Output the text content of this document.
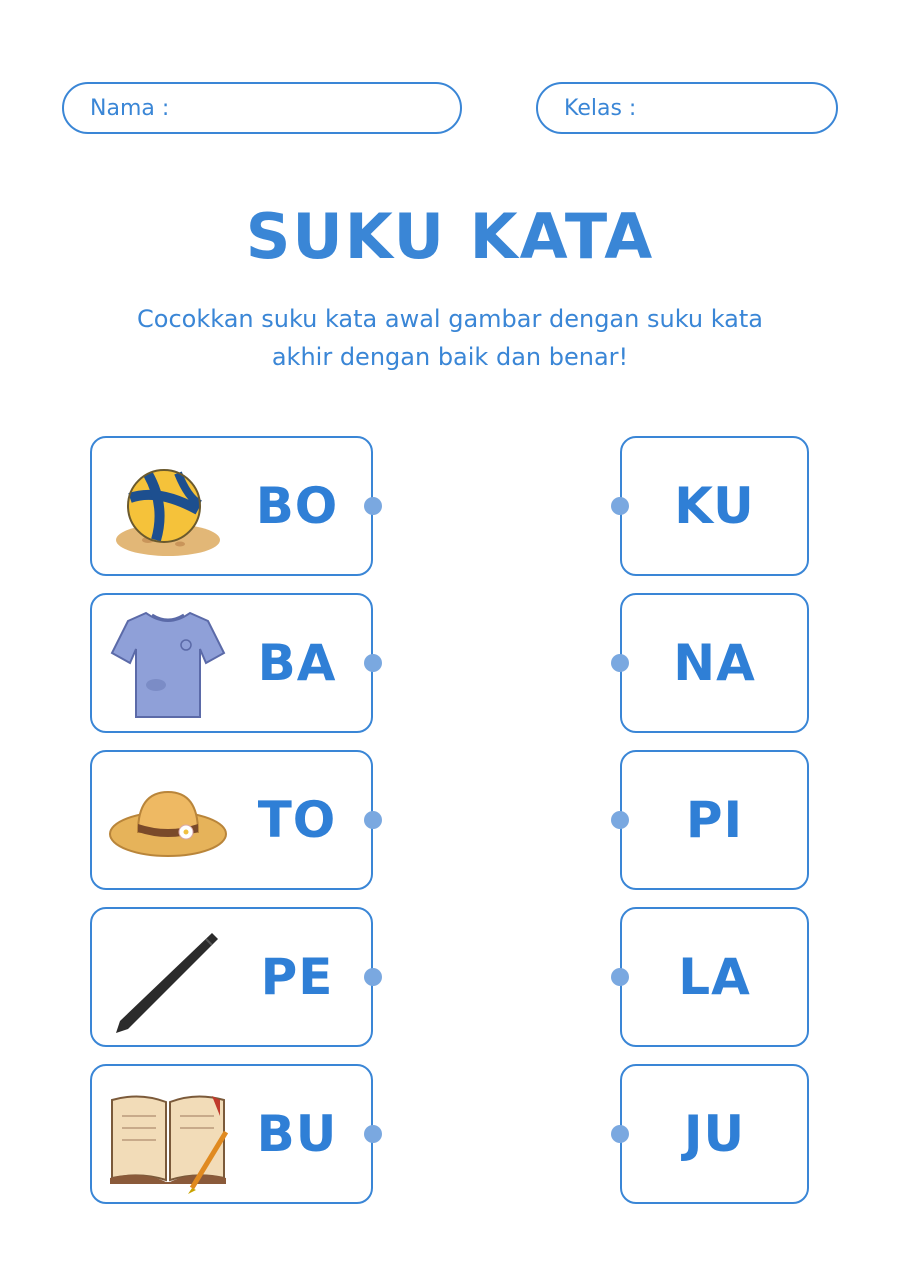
Nama :	Kelas :
SUKU KATA
Cocokkan suku kata awal gambar dengan suku kata akhir dengan baik dan benar!
BO
BA
TO
PE
BU
KU
NA
PI
LA
JU
